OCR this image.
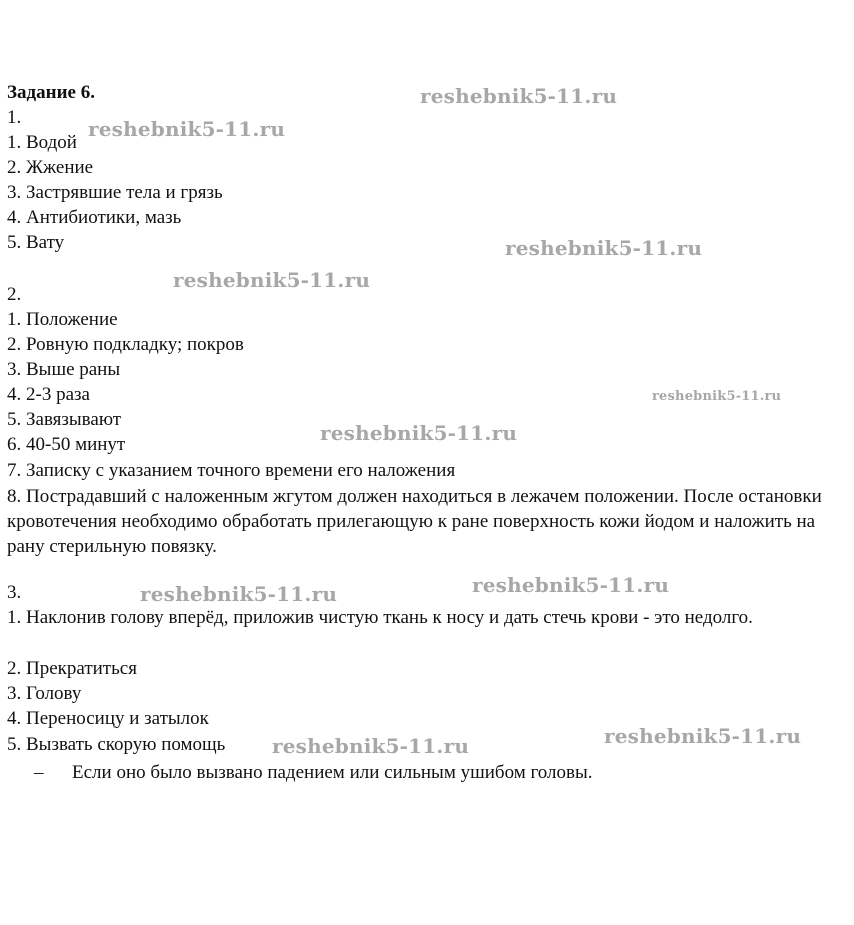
Задание 6.
1.
1. Водой
2. Жжение
3. Застрявшие тела и грязь
4. Антибиотики, мазь
5. Вату
2.
1. Положение
2. Ровную подкладку; покров
3. Выше раны
4. 2-3 раза
5. Завязывают
6. 40-50 минут
7. Записку с указанием точного времени его наложения
8. Пострадавший с наложенным жгутом должен находиться в лежачем положении. После остановки кровотечения необходимо обработать прилегающую к ране поверхность кожи йодом и наложить на рану стерильную повязку.
3.
1. Наклонив голову вперёд, приложив чистую ткань к носу и дать стечь крови - это недолго.
2. Прекратиться
3. Голову
4. Переносицу и затылок
5. Вызвать скорую помощь
– Если оно было вызвано падением или сильным ушибом головы.
reshebnik5-11.ru
reshebnik5-11.ru
reshebnik5-11.ru
reshebnik5-11.ru
reshebnik5-11.ru
reshebnik5-11.ru
reshebnik5-11.ru	reshebnik5-11.ru
reshebnik5-11.ru
reshebnik5-11.ru
